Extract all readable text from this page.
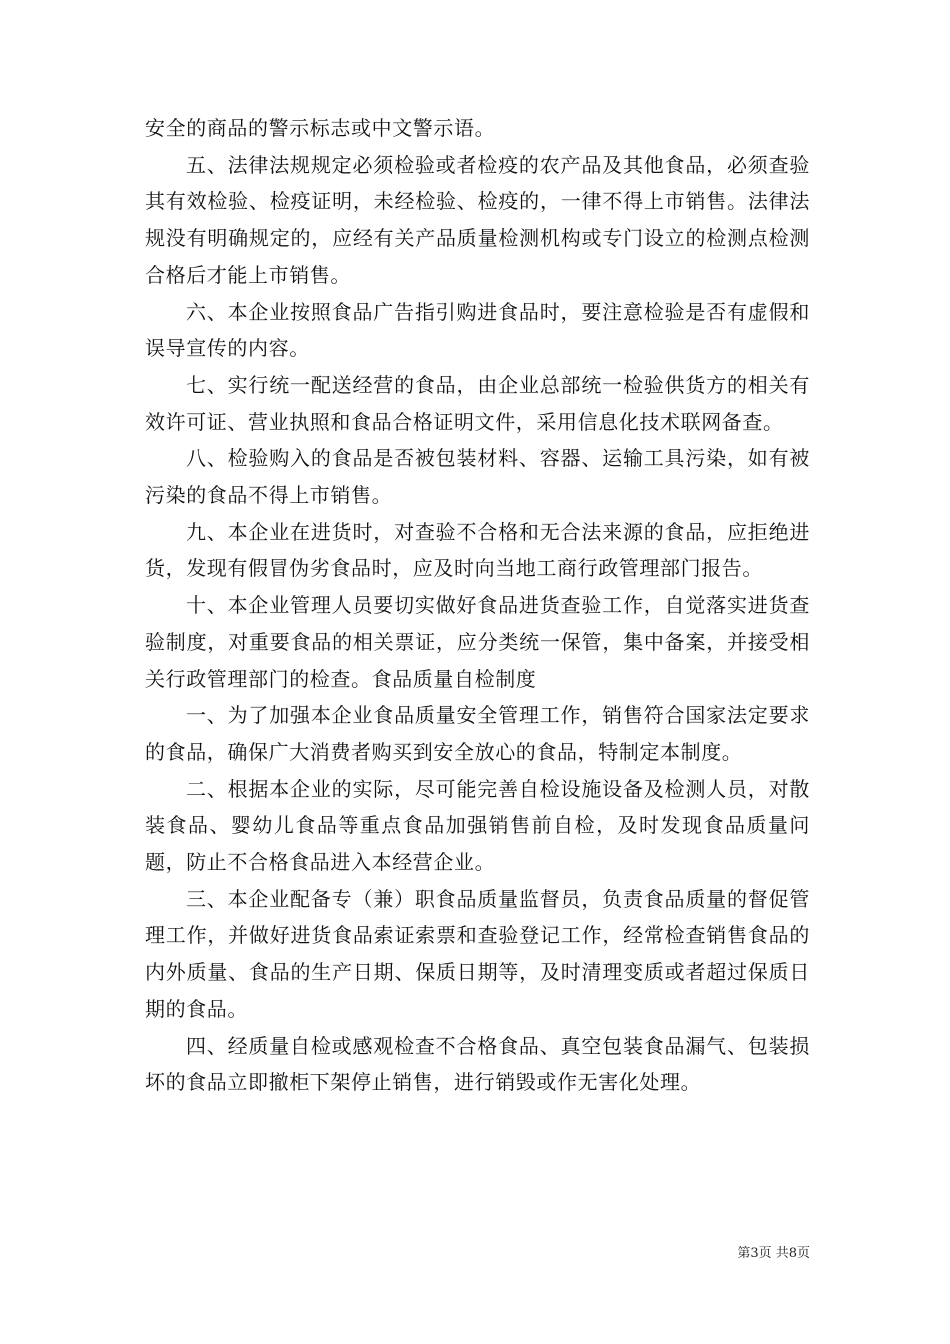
安全的商品的警示标志或中文警示语。

五、法律法规规定必须检验或者检疫的农产品及其他食品，必须查验其有效检验、检疫证明，未经检验、检疫的，一律不得上市销售。法律法规没有明确规定的，应经有关产品质量检测机构或专门设立的检测点检测合格后才能上市销售。

六、本企业按照食品广告指引购进食品时，要注意检验是否有虚假和误导宣传的内容。

七、实行统一配送经营的食品，由企业总部统一检验供货方的相关有效许可证、营业执照和食品合格证明文件，采用信息化技术联网备查。

八、检验购入的食品是否被包装材料、容器、运输工具污染，如有被污染的食品不得上市销售。

九、本企业在进货时，对查验不合格和无合法来源的食品，应拒绝进货，发现有假冒伪劣食品时，应及时向当地工商行政管理部门报告。

十、本企业管理人员要切实做好食品进货查验工作，自觉落实进货查验制度，对重要食品的相关票证，应分类统一保管，集中备案，并接受相关行政管理部门的检查。食品质量自检制度

一、为了加强本企业食品质量安全管理工作，销售符合国家法定要求的食品，确保广大消费者购买到安全放心的食品，特制定本制度。

二、根据本企业的实际，尽可能完善自检设施设备及检测人员，对散装食品、婴幼儿食品等重点食品加强销售前自检，及时发现食品质量问题，防止不合格食品进入本经营企业。

三、本企业配备专（兼）职食品质量监督员，负责食品质量的督促管理工作，并做好进货食品索证索票和查验登记工作，经常检查销售食品的内外质量、食品的生产日期、保质日期等，及时清理变质或者超过保质日期的食品。

四、经质量自检或感观检查不合格食品、真空包装食品漏气、包装损坏的食品立即撤柜下架停止销售，进行销毁或作无害化处理。

第3页 共8页
